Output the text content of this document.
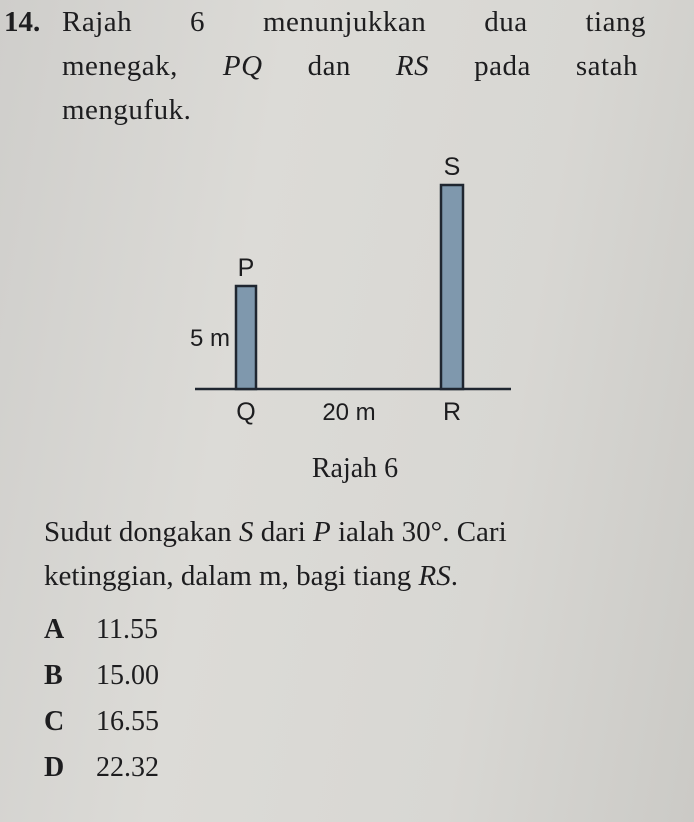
14. Rajah 6 menunjukkan dua tiang
menegak, PQ dan RS pada satah
mengufuk.
S
P
5 m
Q	20 m	R
Rajah 6
Sudut dongakan S dari P ialah 30°. Cari
ketinggian, dalam m, bagi tiang RS.
A	11.55
B	15.00
C	16.55
D	22.32
